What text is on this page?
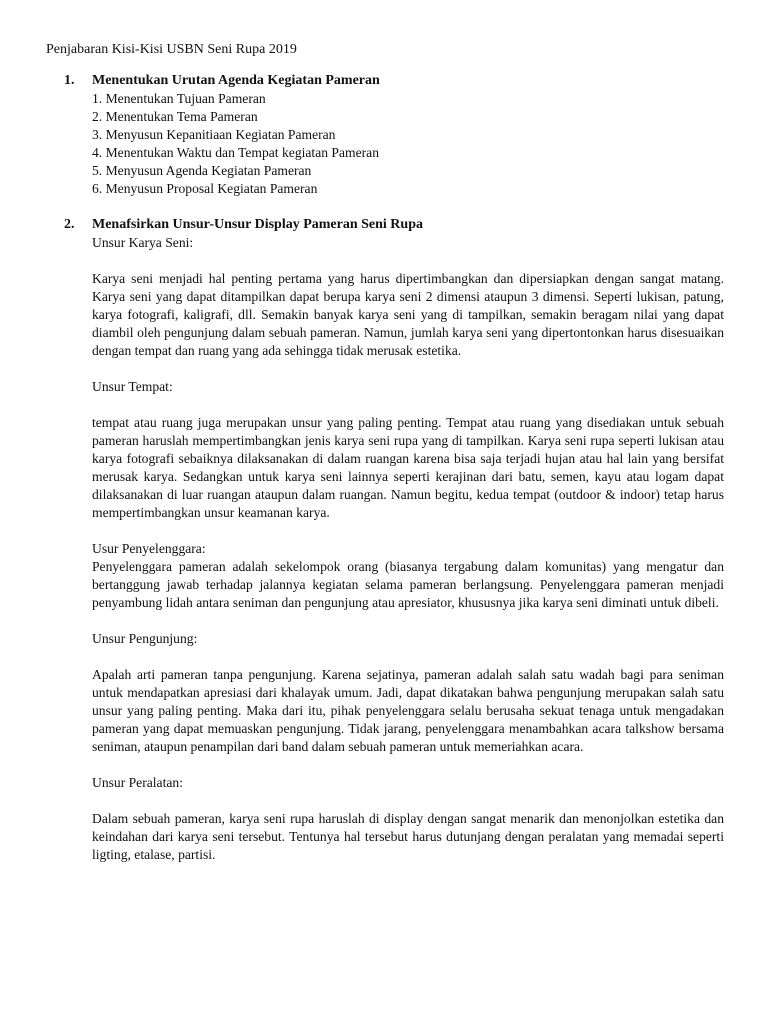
Penjabaran Kisi-Kisi USBN Seni Rupa 2019
1.	Menentukan Urutan Agenda Kegiatan Pameran
1. Menentukan Tujuan Pameran
2. Menentukan Tema Pameran
3. Menyusun Kepanitiaan Kegiatan Pameran
4. Menentukan Waktu dan Tempat kegiatan Pameran
5. Menyusun Agenda Kegiatan Pameran
6. Menyusun Proposal Kegiatan Pameran
2.	Menafsirkan Unsur-Unsur Display Pameran Seni Rupa
Unsur Karya Seni:

Karya seni menjadi hal penting pertama yang harus dipertimbangkan dan dipersiapkan dengan sangat matang. Karya seni yang dapat ditampilkan dapat berupa karya seni 2 dimensi ataupun 3 dimensi. Seperti lukisan, patung, karya fotografi, kaligrafi, dll. Semakin banyak karya seni yang di tampilkan, semakin beragam nilai yang dapat diambil oleh pengunjung dalam sebuah pameran. Namun, jumlah karya seni yang dipertontonkan harus disesuaikan dengan tempat dan ruang yang ada sehingga tidak merusak estetika.

Unsur Tempat:

tempat atau ruang juga merupakan unsur yang paling penting. Tempat atau ruang yang disediakan untuk sebuah pameran haruslah mempertimbangkan jenis karya seni rupa yang di tampilkan. Karya seni rupa seperti lukisan atau karya fotografi sebaiknya dilaksanakan di dalam ruangan karena bisa saja terjadi hujan atau hal lain yang bersifat merusak karya. Sedangkan untuk karya seni lainnya seperti kerajinan dari batu, semen, kayu atau logam dapat dilaksanakan di luar ruangan ataupun dalam ruangan. Namun begitu, kedua tempat (outdoor & indoor) tetap harus mempertimbangkan unsur keamanan karya.

Usur Penyelenggara:

Penyelenggara pameran adalah sekelompok orang (biasanya tergabung dalam komunitas) yang mengatur dan bertanggung jawab terhadap jalannya kegiatan selama pameran berlangsung. Penyelenggara pameran menjadi penyambung lidah antara seniman dan pengunjung atau apresiator, khususnya jika karya seni diminati untuk dibeli.

Unsur Pengunjung:

Apalah arti pameran tanpa pengunjung. Karena sejatinya, pameran adalah salah satu wadah bagi para seniman untuk mendapatkan apresiasi dari khalayak umum. Jadi, dapat dikatakan bahwa pengunjung merupakan salah satu unsur yang paling penting. Maka dari itu, pihak penyelenggara selalu berusaha sekuat tenaga untuk mengadakan pameran yang dapat memuaskan pengunjung. Tidak jarang, penyelenggara menambahkan acara talkshow bersama seniman, ataupun penampilan dari band dalam sebuah pameran untuk memeriahkan acara.

Unsur Peralatan:

Dalam sebuah pameran, karya seni rupa haruslah di display dengan sangat menarik dan menonjolkan estetika dan keindahan dari karya seni tersebut. Tentunya hal tersebut harus dutunjang dengan peralatan yang memadai seperti ligting, etalase, partisi.
